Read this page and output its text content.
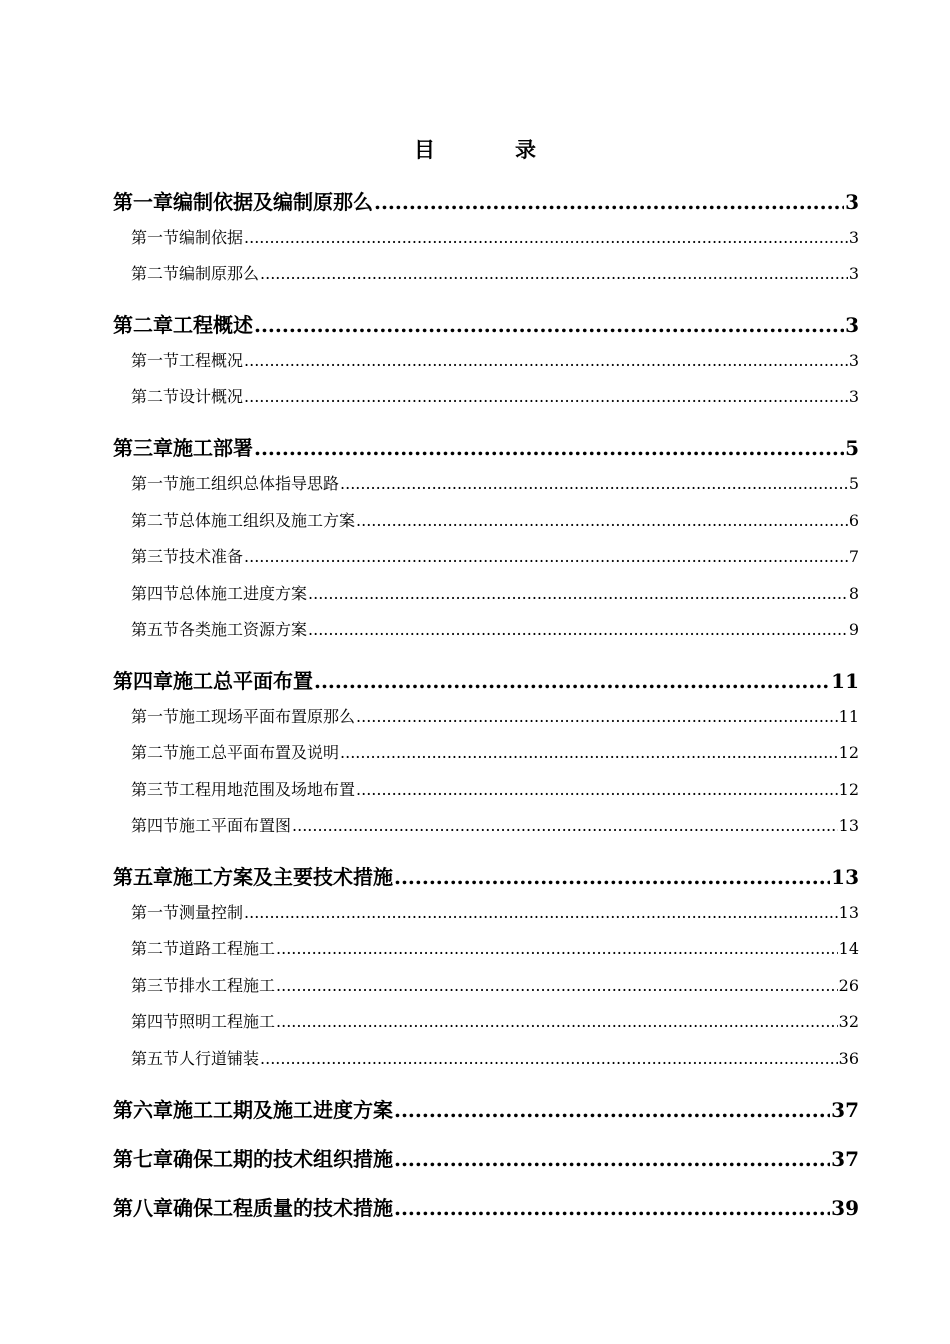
目	录
第一章 编制依据及编制原那么 .....	3
第一节 编制依据 .....	3
第二节 编制原那么 .....	3
第二章 工程概述 .....	3
第一节 工程概况 .....	3
第二节 设计概况 .....	3
第三章 施工部署 .....	5
第一节 施工组织总体指导思路 .....	5
第二节 总体施工组织及施工方案 .....	6
第三节 技术准备 .....	7
第四节 总体施工进度方案 .....	8
第五节 各类施工资源方案 .....	9
第四章 施工总平面布置 .....	11
第一节 施工现场平面布置原那么 .....	11
第二节 施工总平面布置及说明 .....	12
第三节 工程用地范围及场地布置 .....	12
第四节 施工平面布置图 .....	13
第五章 施工方案及主要技术措施 .....	13
第一节 测量控制 .....	13
第二节 道路工程施工 .....	14
第三节 排水工程施工 .....	26
第四节 照明工程施工 .....	32
第五节 人行道铺装 .....	36
第六章 施工工期及施工进度方案 .....	37
第七章 确保工期的技术组织措施 .....	37
第八章 确保工程质量的技术措施 .....	39
